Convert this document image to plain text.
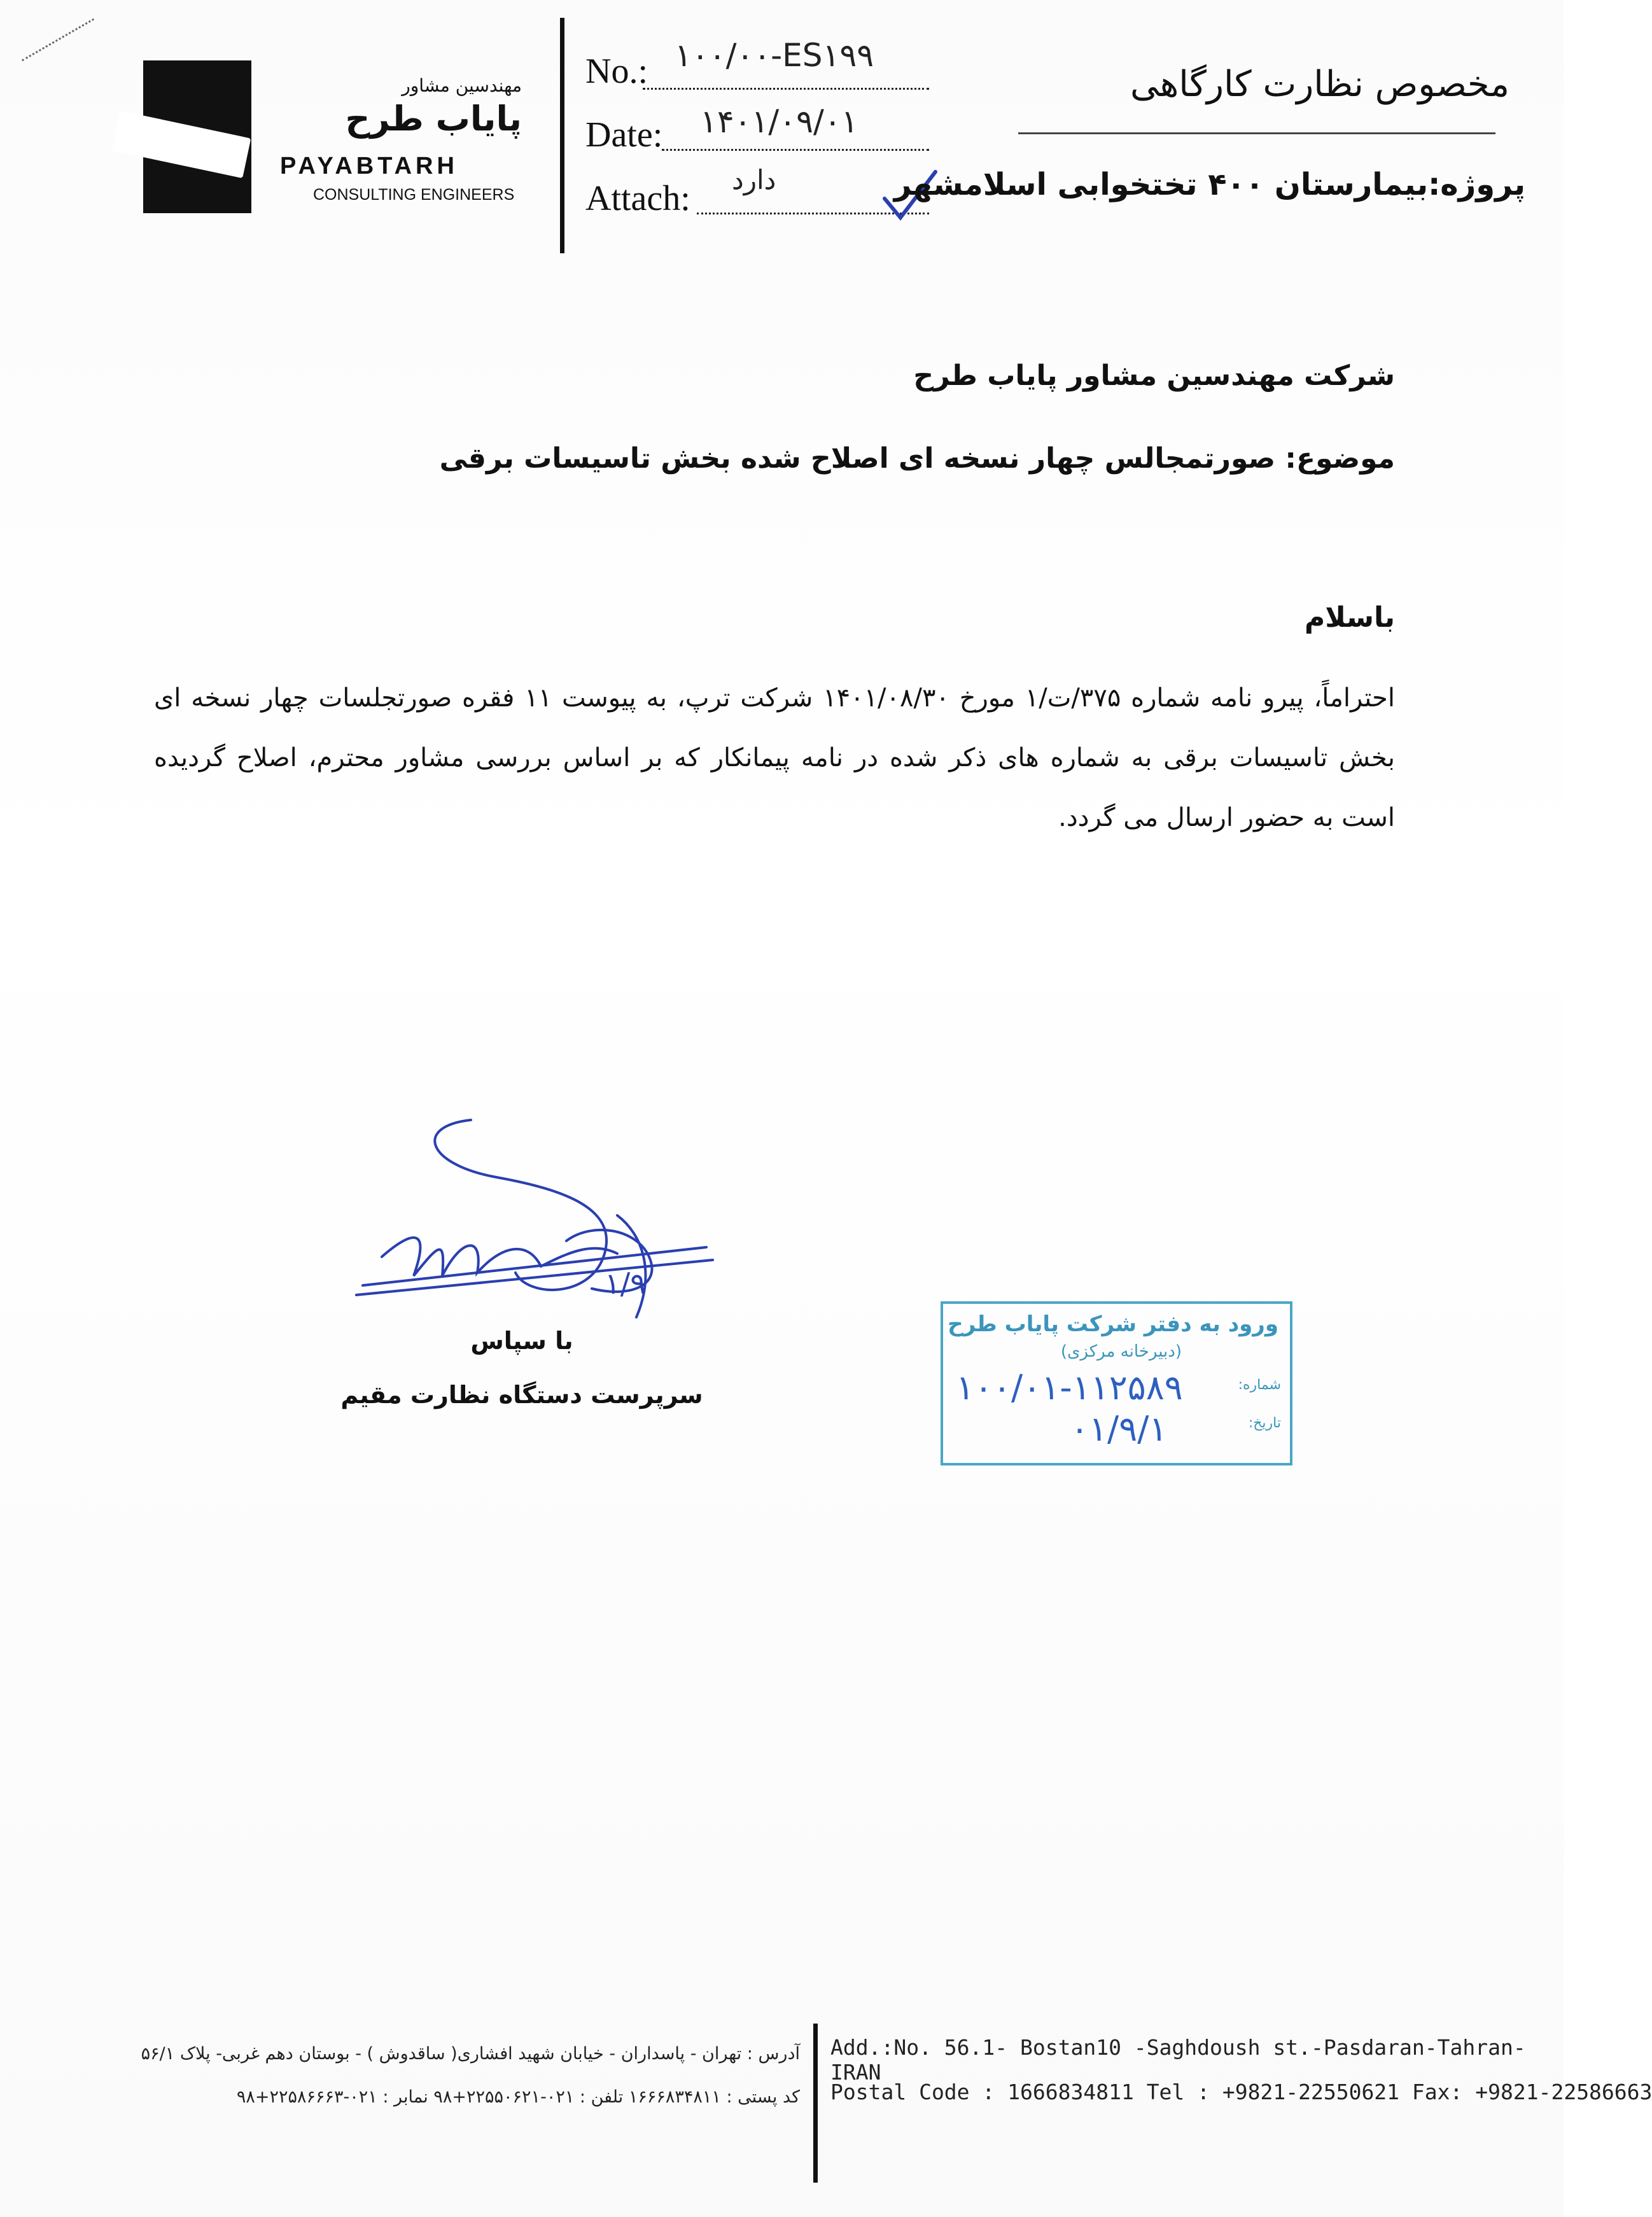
مهندسین مشاور
پایاب طرح
PAYABTARH
CONSULTING ENGINEERS
No.: ۱۰۰/۰۰-ES۱۹۹
Date: ۱۴۰۱/۰۹/۰۱
Attach: دارد
مخصوص نظارت کارگاهی
پروژه:بیمارستان ۴۰۰ تختخوابی اسلامشهر
شرکت مهندسین مشاور پایاب طرح
موضوع: صورتمجالس چهار نسخه ای اصلاح شده بخش تاسیسات برقی
باسلام
احتراماً، پیرو نامه شماره ۳۷۵/ت/۱ مورخ ۱۴۰۱/۰۸/۳۰ شرکت ترپ، به پیوست ۱۱ فقره صورتجلسات چهار نسخه ای بخش تاسیسات برقی به شماره های ذکر شده در نامه پیمانکار که بر اساس بررسی مشاور محترم، اصلاح گردیده است به حضور ارسال می گردد.
۱/۹
با سپاس
سرپرست دستگاه نظارت مقیم
ورود به دفتر شرکت پایاب طرح
(دبیرخانه مرکزی)
شماره:
۱۰۰/۰۱-۱۱۲۵۸۹
تاریخ:
۰۱/۹/۱
آدرس : تهران - پاسداران - خیابان شهید افشاری( ساقدوش ) - بوستان دهم غربی- پلاک ۵۶/۱
کد پستی : ۱۶۶۶۸۳۴۸۱۱ تلفن : ۰۲۱-۲۲۵۵۰۶۲۱+۹۸ نمابر : ۰۲۱-۲۲۵۸۶۶۶۳+۹۸
Add.:No. 56.1- Bostan10 -Saghdoush st.-Pasdaran-Tahran-IRAN
Postal Code : 1666834811 Tel : +9821-22550621 Fax: +9821-22586663
